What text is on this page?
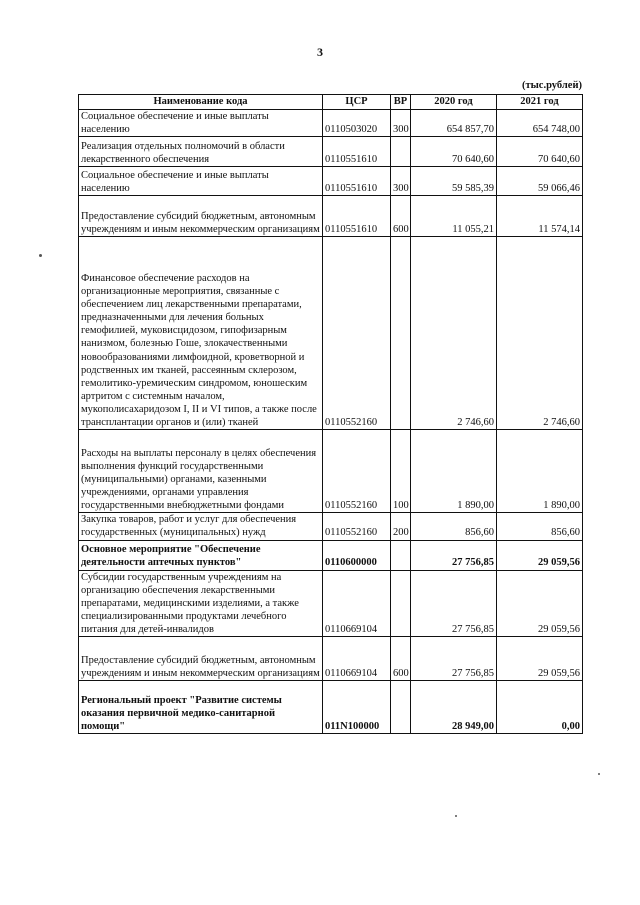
3
(тыс.рублей)
Наименование кода	ЦСР	ВР	2020 год	2021 год
Социальное обеспечение и иные выплаты населению	0110503020	300	654 857,70	654 748,00
Реализация отдельных полномочий в области лекарственного обеспечения	0110551610		70 640,60	70 640,60
Социальное обеспечение и иные выплаты населению	0110551610	300	59 585,39	59 066,46
Предоставление субсидий бюджетным, автономным учреждениям и иным некоммерческим организациям	0110551610	600	11 055,21	11 574,14
Финансовое обеспечение расходов на организационные мероприятия, связанные с обеспечением лиц лекарственными препаратами, предназначенными для лечения больных гемофилией, муковисцидозом, гипофизарным нанизмом, болезнью Гоше, злокачественными новообразованиями лимфоидной, кроветворной и родственных им тканей, рассеянным склерозом, гемолитико-уремическим синдромом, юношеским артритом с системным началом, мукополисахаридозом I, II и VI типов, а также после трансплантации органов и (или) тканей	0110552160		2 746,60	2 746,60
Расходы на выплаты персоналу в целях обеспечения выполнения функций государственными (муниципальными) органами, казенными учреждениями, органами управления государственными внебюджетными фондами	0110552160	100	1 890,00	1 890,00
Закупка товаров, работ и услуг для обеспечения государственных (муниципальных) нужд	0110552160	200	856,60	856,60
Основное мероприятие "Обеспечение деятельности аптечных пунктов"	0110600000		27 756,85	29 059,56
Субсидии государственным учреждениям на организацию обеспечения лекарственными препаратами, медицинскими изделиями, а также специализированными продуктами лечебного питания для детей-инвалидов	0110669104		27 756,85	29 059,56
Предоставление субсидий бюджетным, автономным учреждениям и иным некоммерческим организациям	0110669104	600	27 756,85	29 059,56
Региональный проект "Развитие системы оказания первичной медико-санитарной помощи"	011N100000		28 949,00	0,00
